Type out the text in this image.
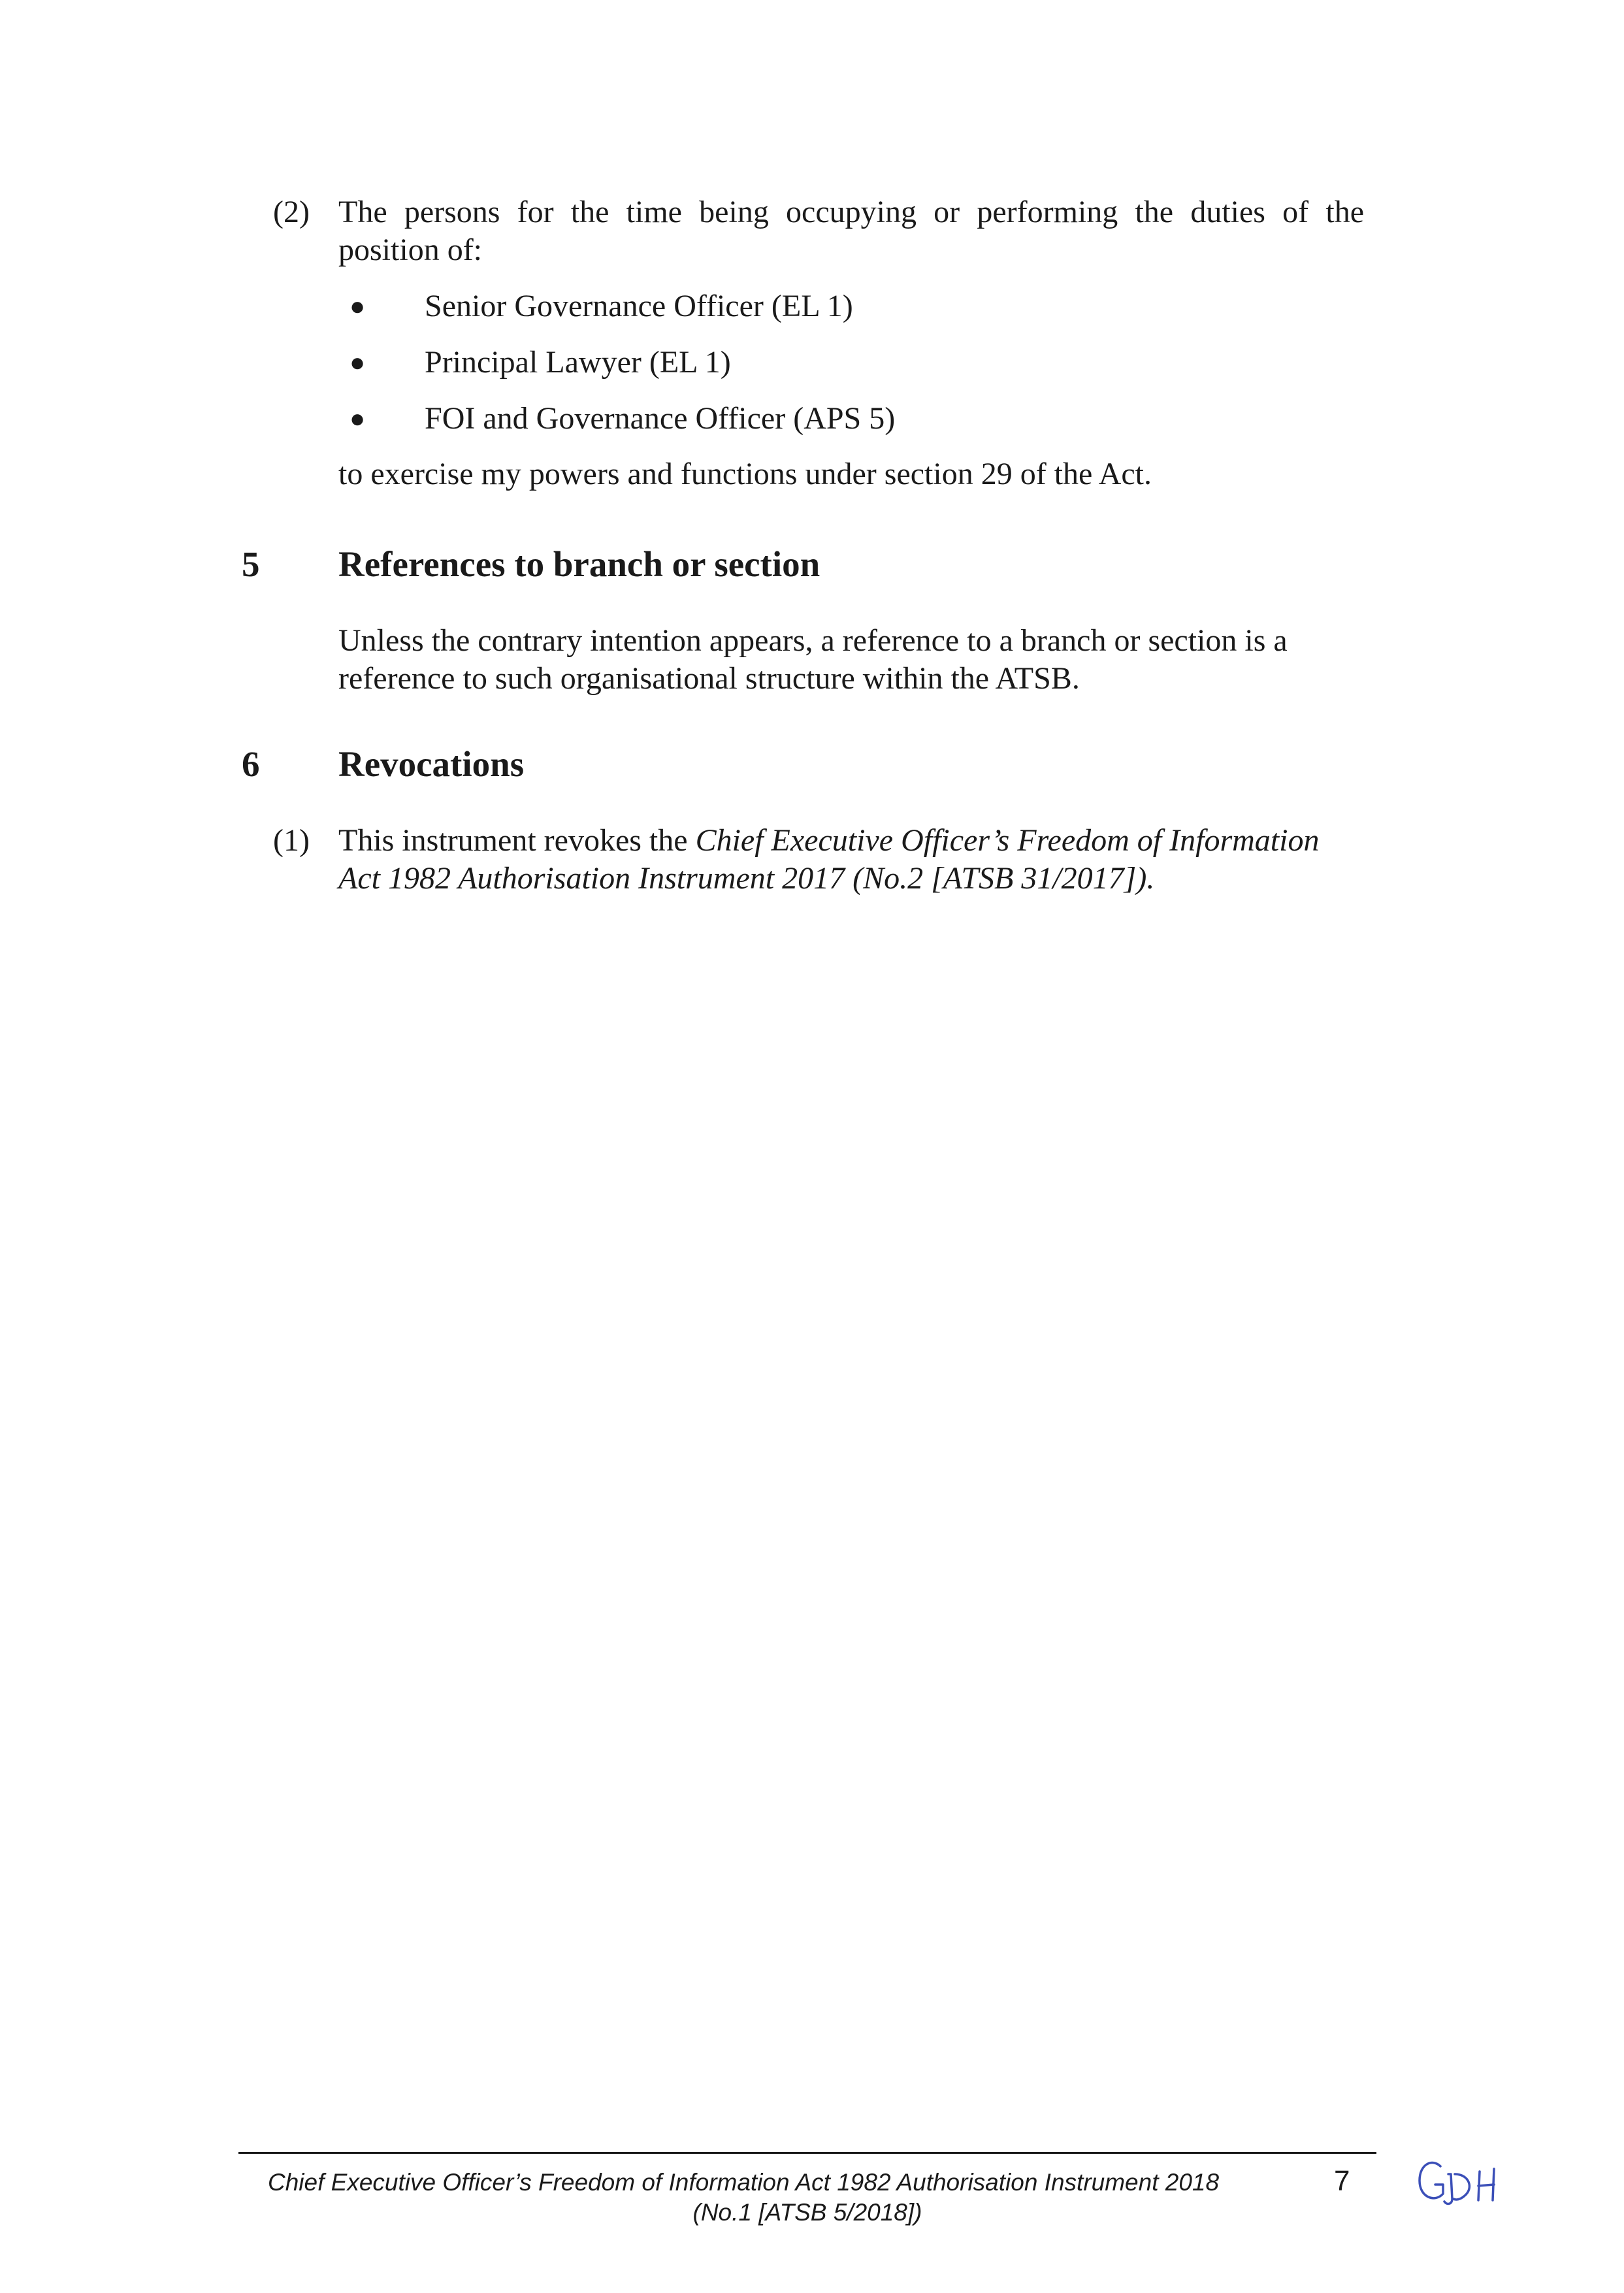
(2) The persons for the time being occupying or performing the duties of the
position of:
● Senior Governance Officer (EL 1)
● Principal Lawyer (EL 1)
● FOI and Governance Officer (APS 5)
to exercise my powers and functions under section 29 of the Act.
5 References to branch or section
Unless the contrary intention appears, a reference to a branch or section is a
reference to such organisational structure within the ATSB.
6 Revocations
(1) This instrument revokes the Chief Executive Officer’s Freedom of Information
Act 1982 Authorisation Instrument 2017 (No.2 [ATSB 31/2017]).
Chief Executive Officer’s Freedom of Information Act 1982 Authorisation Instrument 2018
(No.1 [ATSB 5/2018])
7
